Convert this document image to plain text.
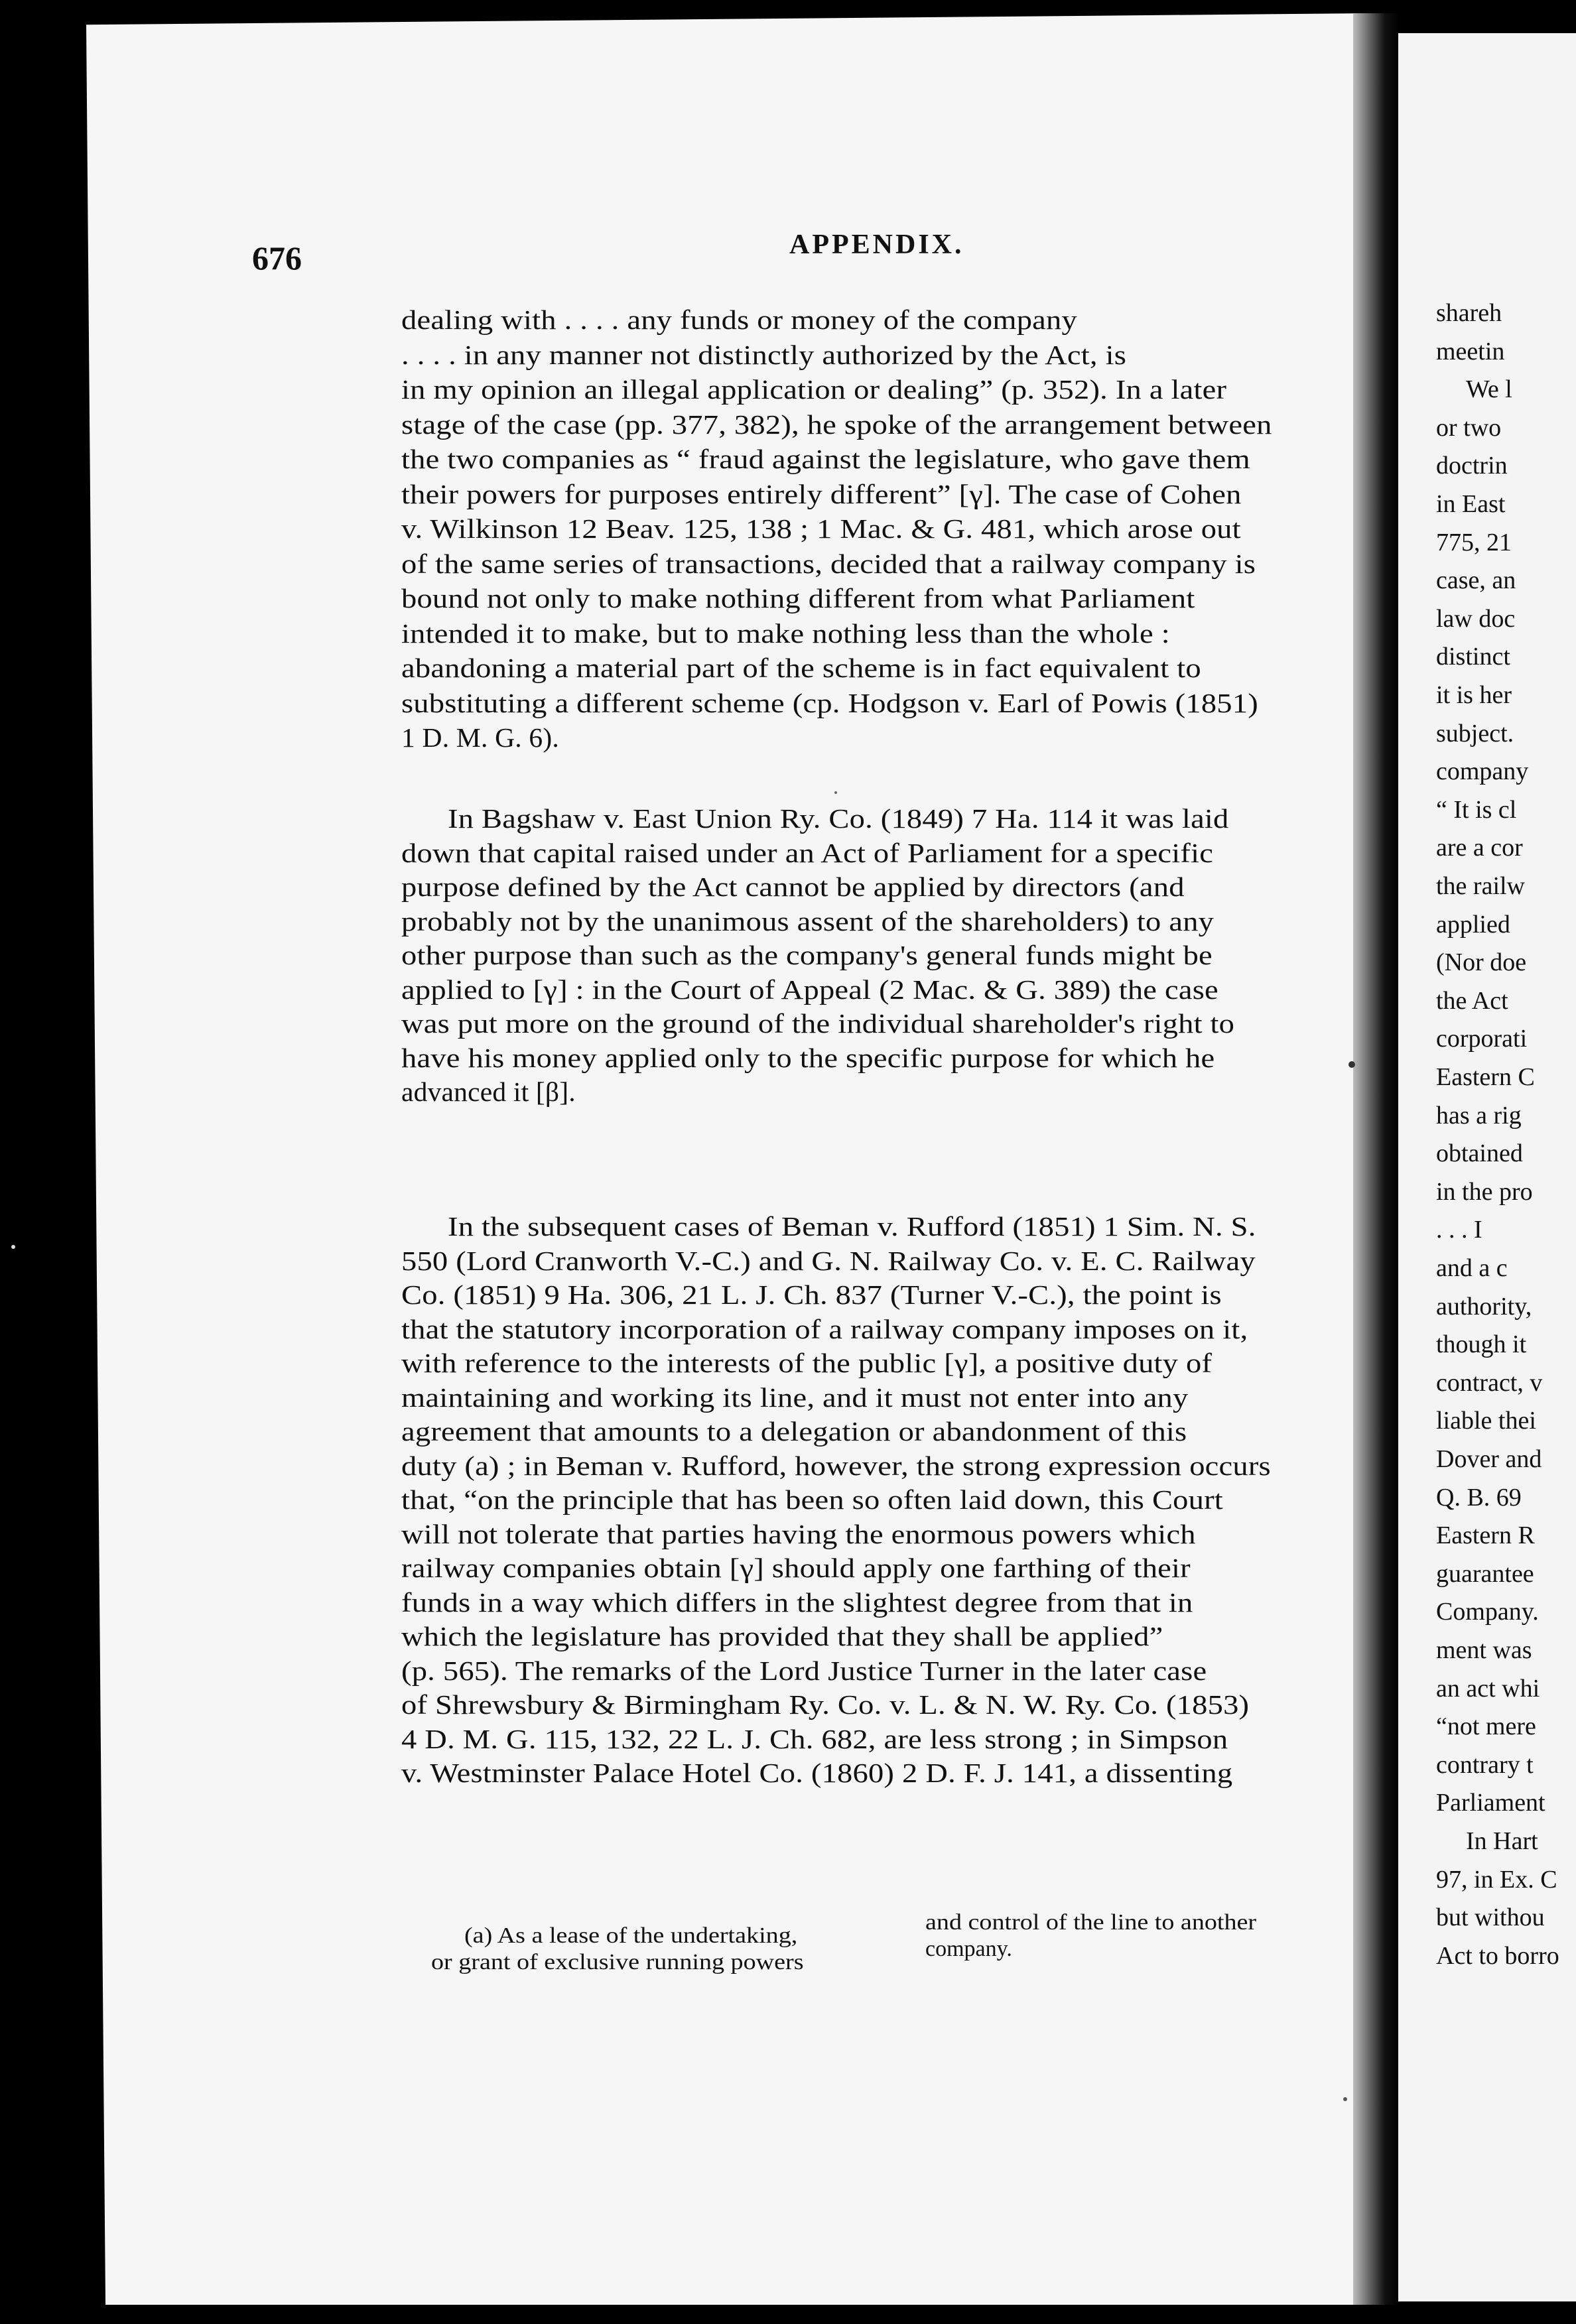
676	APPENDIX.
dealing with . . . . any funds or money of the company
. . . . in any manner not distinctly authorized by the Act, is
in my opinion an illegal application or dealing” (p. 352). In a later
stage of the case (pp. 377, 382), he spoke of the arrangement between
the two companies as “ fraud against the legislature, who gave them
their powers for purposes entirely different” [γ]. The case of Cohen
v. Wilkinson 12 Beav. 125, 138 ; 1 Mac. & G. 481, which arose out
of the same series of transactions, decided that a railway company is
bound not only to make nothing different from what Parliament
intended it to make, but to make nothing less than the whole :
abandoning a material part of the scheme is in fact equivalent to
substituting a different scheme (cp. Hodgson v. Earl of Powis (1851)
1 D. M. G. 6).
In Bagshaw v. East Union Ry. Co. (1849) 7 Ha. 114 it was laid
down that capital raised under an Act of Parliament for a specific
purpose defined by the Act cannot be applied by directors (and
probably not by the unanimous assent of the shareholders) to any
other purpose than such as the company's general funds might be
applied to [γ] : in the Court of Appeal (2 Mac. & G. 389) the case
was put more on the ground of the individual shareholder's right to
have his money applied only to the specific purpose for which he
advanced it [β].
In the subsequent cases of Beman v. Rufford (1851) 1 Sim. N. S.
550 (Lord Cranworth V.-C.) and G. N. Railway Co. v. E. C. Railway
Co. (1851) 9 Ha. 306, 21 L. J. Ch. 837 (Turner V.-C.), the point is
that the statutory incorporation of a railway company imposes on it,
with reference to the interests of the public [γ], a positive duty of
maintaining and working its line, and it must not enter into any
agreement that amounts to a delegation or abandonment of this
duty (a) ; in Beman v. Rufford, however, the strong expression occurs
that, “on the principle that has been so often laid down, this Court
will not tolerate that parties having the enormous powers which
railway companies obtain [γ] should apply one farthing of their
funds in a way which differs in the slightest degree from that in
which the legislature has provided that they shall be applied”
(p. 565). The remarks of the Lord Justice Turner in the later case
of Shrewsbury & Birmingham Ry. Co. v. L. & N. W. Ry. Co. (1853)
4 D. M. G. 115, 132, 22 L. J. Ch. 682, are less strong ; in Simpson
v. Westminster Palace Hotel Co. (1860) 2 D. F. J. 141, a dissenting
(a) As a lease of the undertaking,
or grant of exclusive running powers
and control of the line to another
company.
shareh
meetin
We l
or two
doctrin
in East
775, 21
case, an
law doc
distinct
it is her
subject.
company
“ It is cl
are a cor
the railw
applied
(Nor doe
the Act
corporati
Eastern C
has a rig
obtained
in the pro
. . . I
and a c
authority,
though it
contract, v
liable thei
Dover and
Q. B. 69
Eastern R
guarantee
Company.
ment was
an act whi
“not mere
contrary t
Parliament
In Hart
97, in Ex. C
but withou
Act to borro
